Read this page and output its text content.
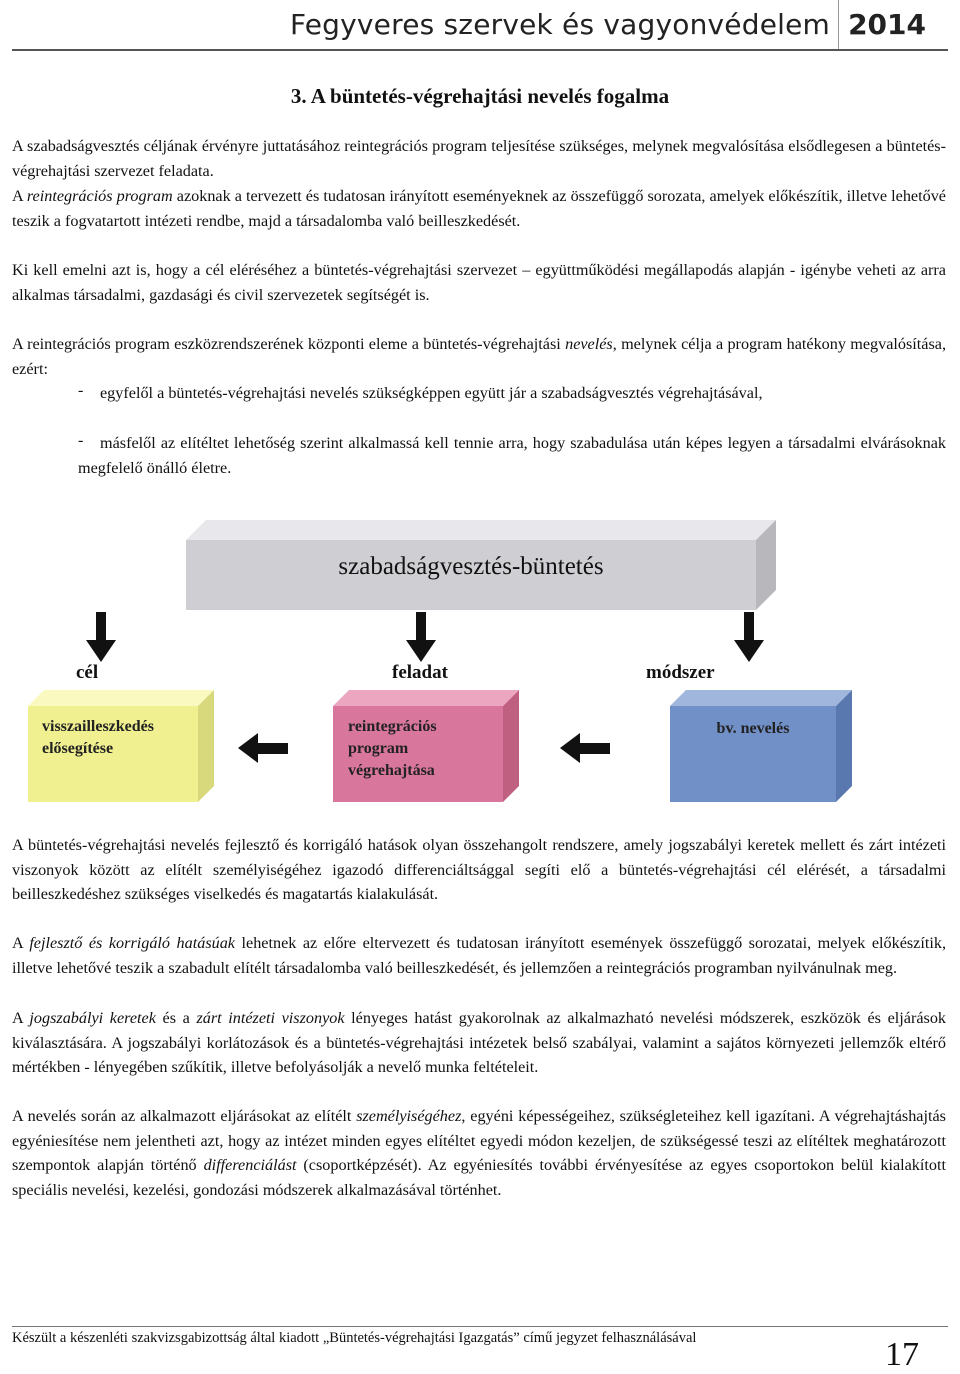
Fegyveres szervek és vagyonvédelem 2014
3. A büntetés-végrehajtási nevelés fogalma

A szabadságvesztés céljának érvényre juttatásához reintegrációs program teljesítése szükséges, melynek megvalósítása elsődlegesen a büntetés-végrehajtási szervezet feladata.

A reintegrációs program azoknak a tervezett és tudatosan irányított eseményeknek az összefüggő sorozata, amelyek előkészítik, illetve lehetővé teszik a fogvatartott intézeti rendbe, majd a társadalomba való beilleszkedését.

Ki kell emelni azt is, hogy a cél eléréséhez a büntetés-végrehajtási szervezet – együttműködési megállapodás alapján - igénybe veheti az arra alkalmas társadalmi, gazdasági és civil szervezetek segítségét is.

A reintegrációs program eszközrendszerének központi eleme a büntetés-végrehajtási nevelés, melynek célja a program hatékony megvalósítása, ezért:

-	egyfelől a büntetés-végrehajtási nevelés szükségképpen együtt jár a szabadságvesztés végrehajtásával,
-	másfelől az elítéltet lehetőség szerint alkalmassá kell tennie arra, hogy szabadulása után képes legyen a társadalmi elvárásoknak megfelelő önálló életre.
szabadságvesztés-büntetés
cél	feladat	módszer
visszailleszkedés
elősegítése
reintegrációs
program
végrehajtása
bv. nevelés

A büntetés-végrehajtási nevelés fejlesztő és korrigáló hatások olyan összehangolt rendszere, amely jogszabályi keretek mellett és zárt intézeti viszonyok között az elítélt személyiségéhez igazodó differenciáltsággal segíti elő a büntetés-végrehajtási cél elérését, a társadalmi beilleszkedéshez szükséges viselkedés és magatartás kialakulását.

A fejlesztő és korrigáló hatásúak lehetnek az előre eltervezett és tudatosan irányított események összefüggő sorozatai, melyek előkészítik, illetve lehetővé teszik a szabadult elítélt társadalomba való beilleszkedését, és jellemzően a reintegrációs programban nyilvánulnak meg.

A jogszabályi keretek és a zárt intézeti viszonyok lényeges hatást gyakorolnak az alkalmazható nevelési módszerek, eszközök és eljárások kiválasztására. A jogszabályi korlátozások és a büntetés-végrehajtási intézetek belső szabályai, valamint a sajátos környezeti jellemzők eltérő mértékben - lényegében szűkítik, illetve befolyásolják a nevelő munka feltételeit.

A nevelés során az alkalmazott eljárásokat az elítélt személyiségéhez, egyéni képességeihez, szükségleteihez kell igazítani. A végrehajtáshajtás egyéniesítése nem jelentheti azt, hogy az intézet minden egyes elítéltet egyedi módon kezeljen, de szükségessé teszi az elítéltek meghatározott szempontok alapján történő differenciálást (csoportképzését). Az egyéniesítés további érvényesítése az egyes csoportokon belül kialakított speciális nevelési, kezelési, gondozási módszerek alkalmazásával történhet.

Készült a készenléti szakvizsgabizottság által kiadott „Büntetés-végrehajtási Igazgatás” című jegyzet felhasználásával	17
